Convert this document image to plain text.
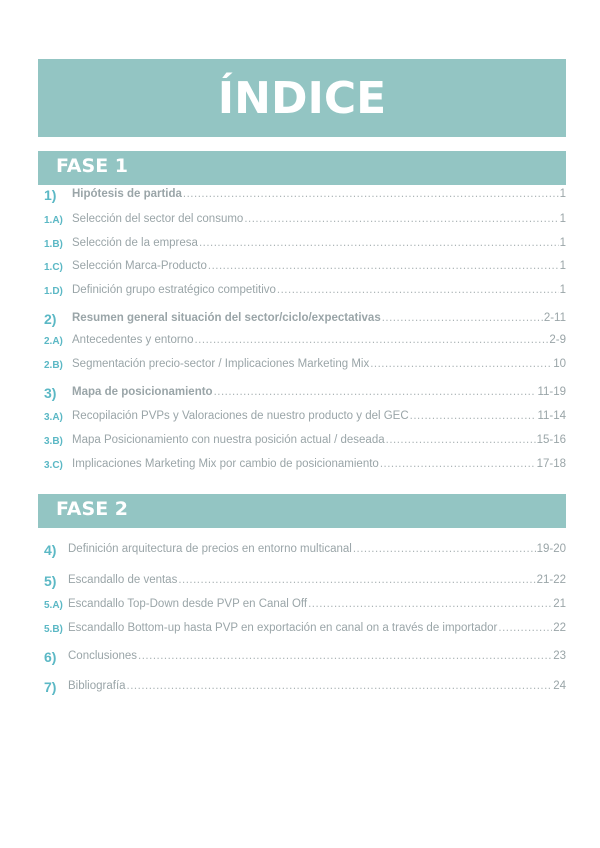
ÍNDICE
FASE 1
1) Hipótesis de partida .....	1
1.A) Selección del sector del consumo .....	1
1.B) Selección de la empresa .....	1
1.C) Selección Marca-Producto .....	1
1.D) Definición grupo estratégico competitivo .....	1
2) Resumen general situación del sector/ciclo/expectativas .....	2-11
2.A) Antecedentes y entorno .....	2-9
2.B) Segmentación precio-sector / Implicaciones Marketing Mix .....	10
3) Mapa de posicionamiento .....	11-19
3.A) Recopilación PVPs y Valoraciones de nuestro producto y del GEC .....	11-14
3.B) Mapa Posicionamiento con nuestra posición actual / deseada .....	15-16
3.C) Implicaciones Marketing Mix por cambio de posicionamiento .....	17-18
FASE 2
4) Definición arquitectura de precios en entorno multicanal .....	19-20
5) Escandallo de ventas .....	21-22
5.A) Escandallo Top-Down desde PVP en Canal Off .....	21
5.B) Escandallo Bottom-up hasta PVP en exportación en canal on a través de importador .....	22
6) Conclusiones .....	23
7) Bibliografía .....	24
